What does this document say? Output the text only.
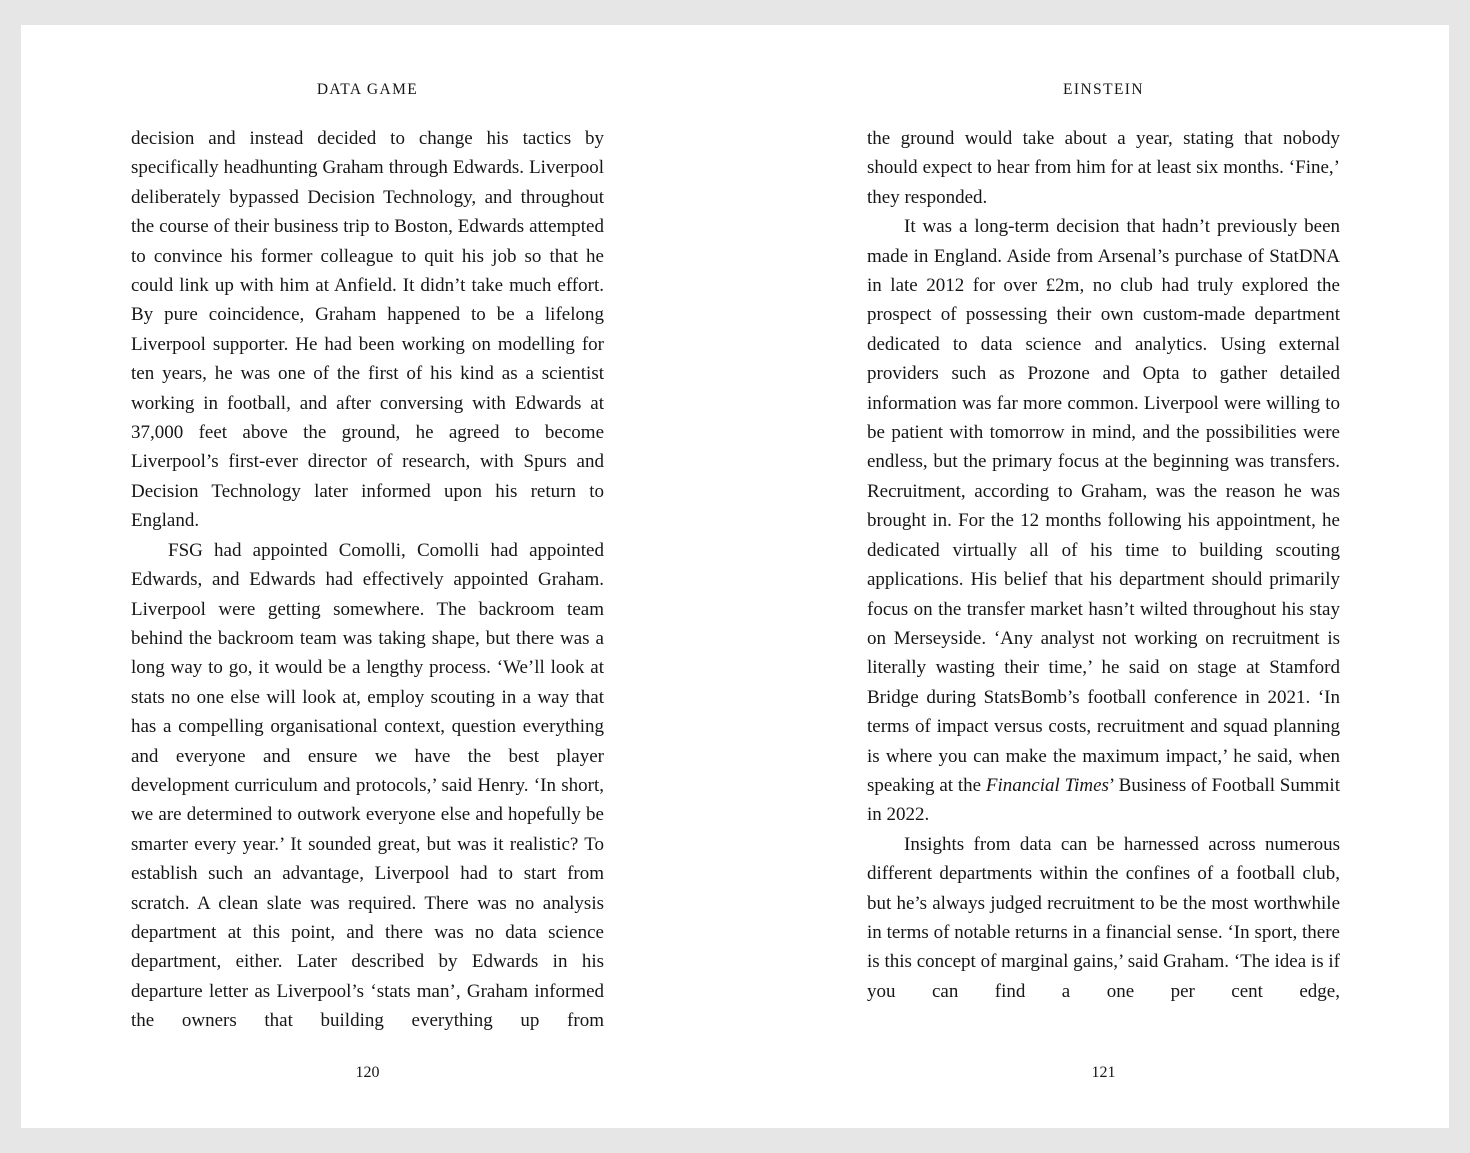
DATA GAME

decision and instead decided to change his tactics by specifically headhunting Graham through Edwards. Liverpool deliberately bypassed Decision Technology, and throughout the course of their business trip to Boston, Edwards attempted to convince his former colleague to quit his job so that he could link up with him at Anfield. It didn’t take much effort. By pure coincidence, Graham happened to be a lifelong Liverpool supporter. He had been working on modelling for ten years, he was one of the first of his kind as a scientist working in football, and after conversing with Edwards at 37,000 feet above the ground, he agreed to become Liverpool’s first-ever director of research, with Spurs and Decision Technology later informed upon his return to England.

FSG had appointed Comolli, Comolli had appointed Edwards, and Edwards had effectively appointed Graham. Liverpool were getting somewhere. The backroom team behind the backroom team was taking shape, but there was a long way to go, it would be a lengthy process. ‘We’ll look at stats no one else will look at, employ scouting in a way that has a compelling organisational context, question everything and everyone and ensure we have the best player development curriculum and protocols,’ said Henry. ‘In short, we are determined to outwork everyone else and hopefully be smarter every year.’ It sounded great, but was it realistic? To establish such an advantage, Liverpool had to start from scratch. A clean slate was required. There was no analysis department at this point, and there was no data science department, either. Later described by Edwards in his departure letter as Liverpool’s ‘stats man’, Graham informed the owners that building everything up from

120
EINSTEIN

the ground would take about a year, stating that nobody should expect to hear from him for at least six months. ‘Fine,’ they responded.

It was a long-term decision that hadn’t previously been made in England. Aside from Arsenal’s purchase of StatDNA in late 2012 for over £2m, no club had truly explored the prospect of possessing their own custom-made department dedicated to data science and analytics. Using external providers such as Prozone and Opta to gather detailed information was far more common. Liverpool were willing to be patient with tomorrow in mind, and the possibilities were endless, but the primary focus at the beginning was transfers. Recruitment, according to Graham, was the reason he was brought in. For the 12 months following his appointment, he dedicated virtually all of his time to building scouting applications. His belief that his department should primarily focus on the transfer market hasn’t wilted throughout his stay on Merseyside. ‘Any analyst not working on recruitment is literally wasting their time,’ he said on stage at Stamford Bridge during StatsBomb’s football conference in 2021. ‘In terms of impact versus costs, recruitment and squad planning is where you can make the maximum impact,’ he said, when speaking at the Financial Times’ Business of Football Summit in 2022.

Insights from data can be harnessed across numerous different departments within the confines of a football club, but he’s always judged recruitment to be the most worthwhile in terms of notable returns in a financial sense. ‘In sport, there is this concept of marginal gains,’ said Graham. ‘The idea is if you can find a one per cent edge,

121
